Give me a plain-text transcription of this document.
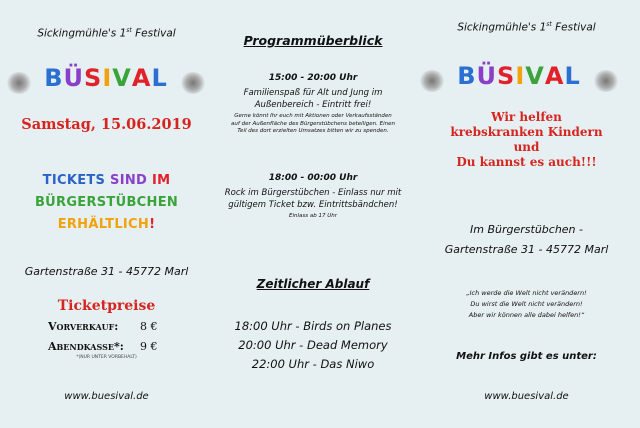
Sickingmühle's 1st Festival
BÜSIVAL
Samstag, 15.06.2019
TICKETS SIND IM
BÜRGERSTÜBCHEN
ERHÄLTLICH!
Gartenstraße 31 - 45772 Marl
Ticketpreise
Vorverkauf: 8 €
Abendkasse*: 9 €
*(NUR UNTER VORBEHALT)
www.buesival.de
Programmüberblick
15:00 - 20:00 Uhr
Familienspaß für Alt und Jung im
Außenbereich - Eintritt frei!
Gerne könnt Ihr euch mit Aktionen oder Verkaufsständen
auf der Außenfläche des Bürgerstübchens beteiligen. Einen
Teil des dort erzielten Umsatzes bitten wir zu spenden.
18:00 - 00:00 Uhr
Rock im Bürgerstübchen - Einlass nur mit
gültigem Ticket bzw. Eintrittsbändchen!
Einlass ab 17 Uhr
Zeitlicher Ablauf
18:00 Uhr - Birds on Planes
20:00 Uhr - Dead Memory
22:00 Uhr - Das Niwo
Sickingmühle's 1st Festival
BÜSIVAL
Wir helfen
krebskranken Kindern
und
Du kannst es auch!!!
Im Bürgerstübchen -
Gartenstraße 31 - 45772 Marl
„Ich werde die Welt nicht verändern!
Du wirst die Welt nicht verändern!
Aber wir können alle dabei helfen!“
Mehr Infos gibt es unter:
www.buesival.de
